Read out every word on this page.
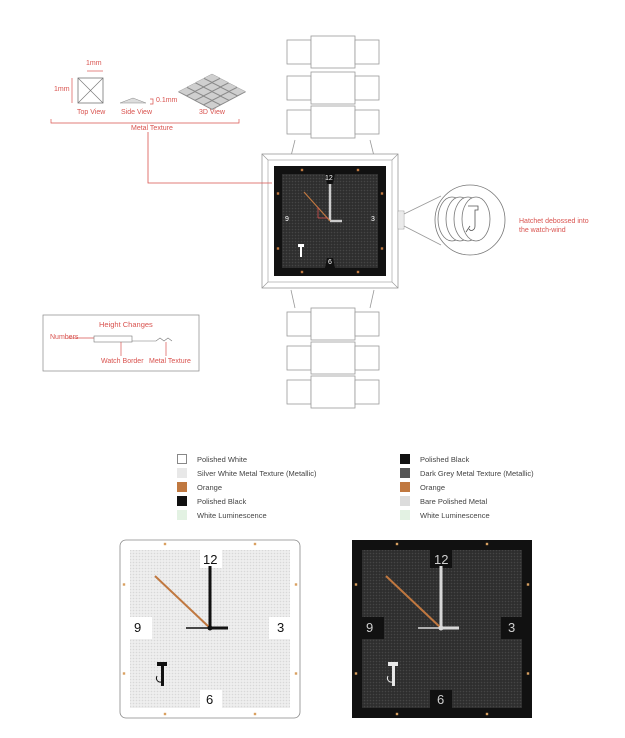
1mm
1mm
0.1mm
Top View Side View	3D View
Metal Texture
Height Changes
Numbers
Watch Border Metal Texture
Hatchet debossed into the watch-wind
12
6
9	3
12
6
9	3
12
6
9	3
Polished White
Silver White Metal Texture (Metallic)
Orange
Polished Black
White Luminescence
Polished Black
Dark Grey Metal Texture (Metallic)
Orange
Bare Polished Metal
White Luminescence
